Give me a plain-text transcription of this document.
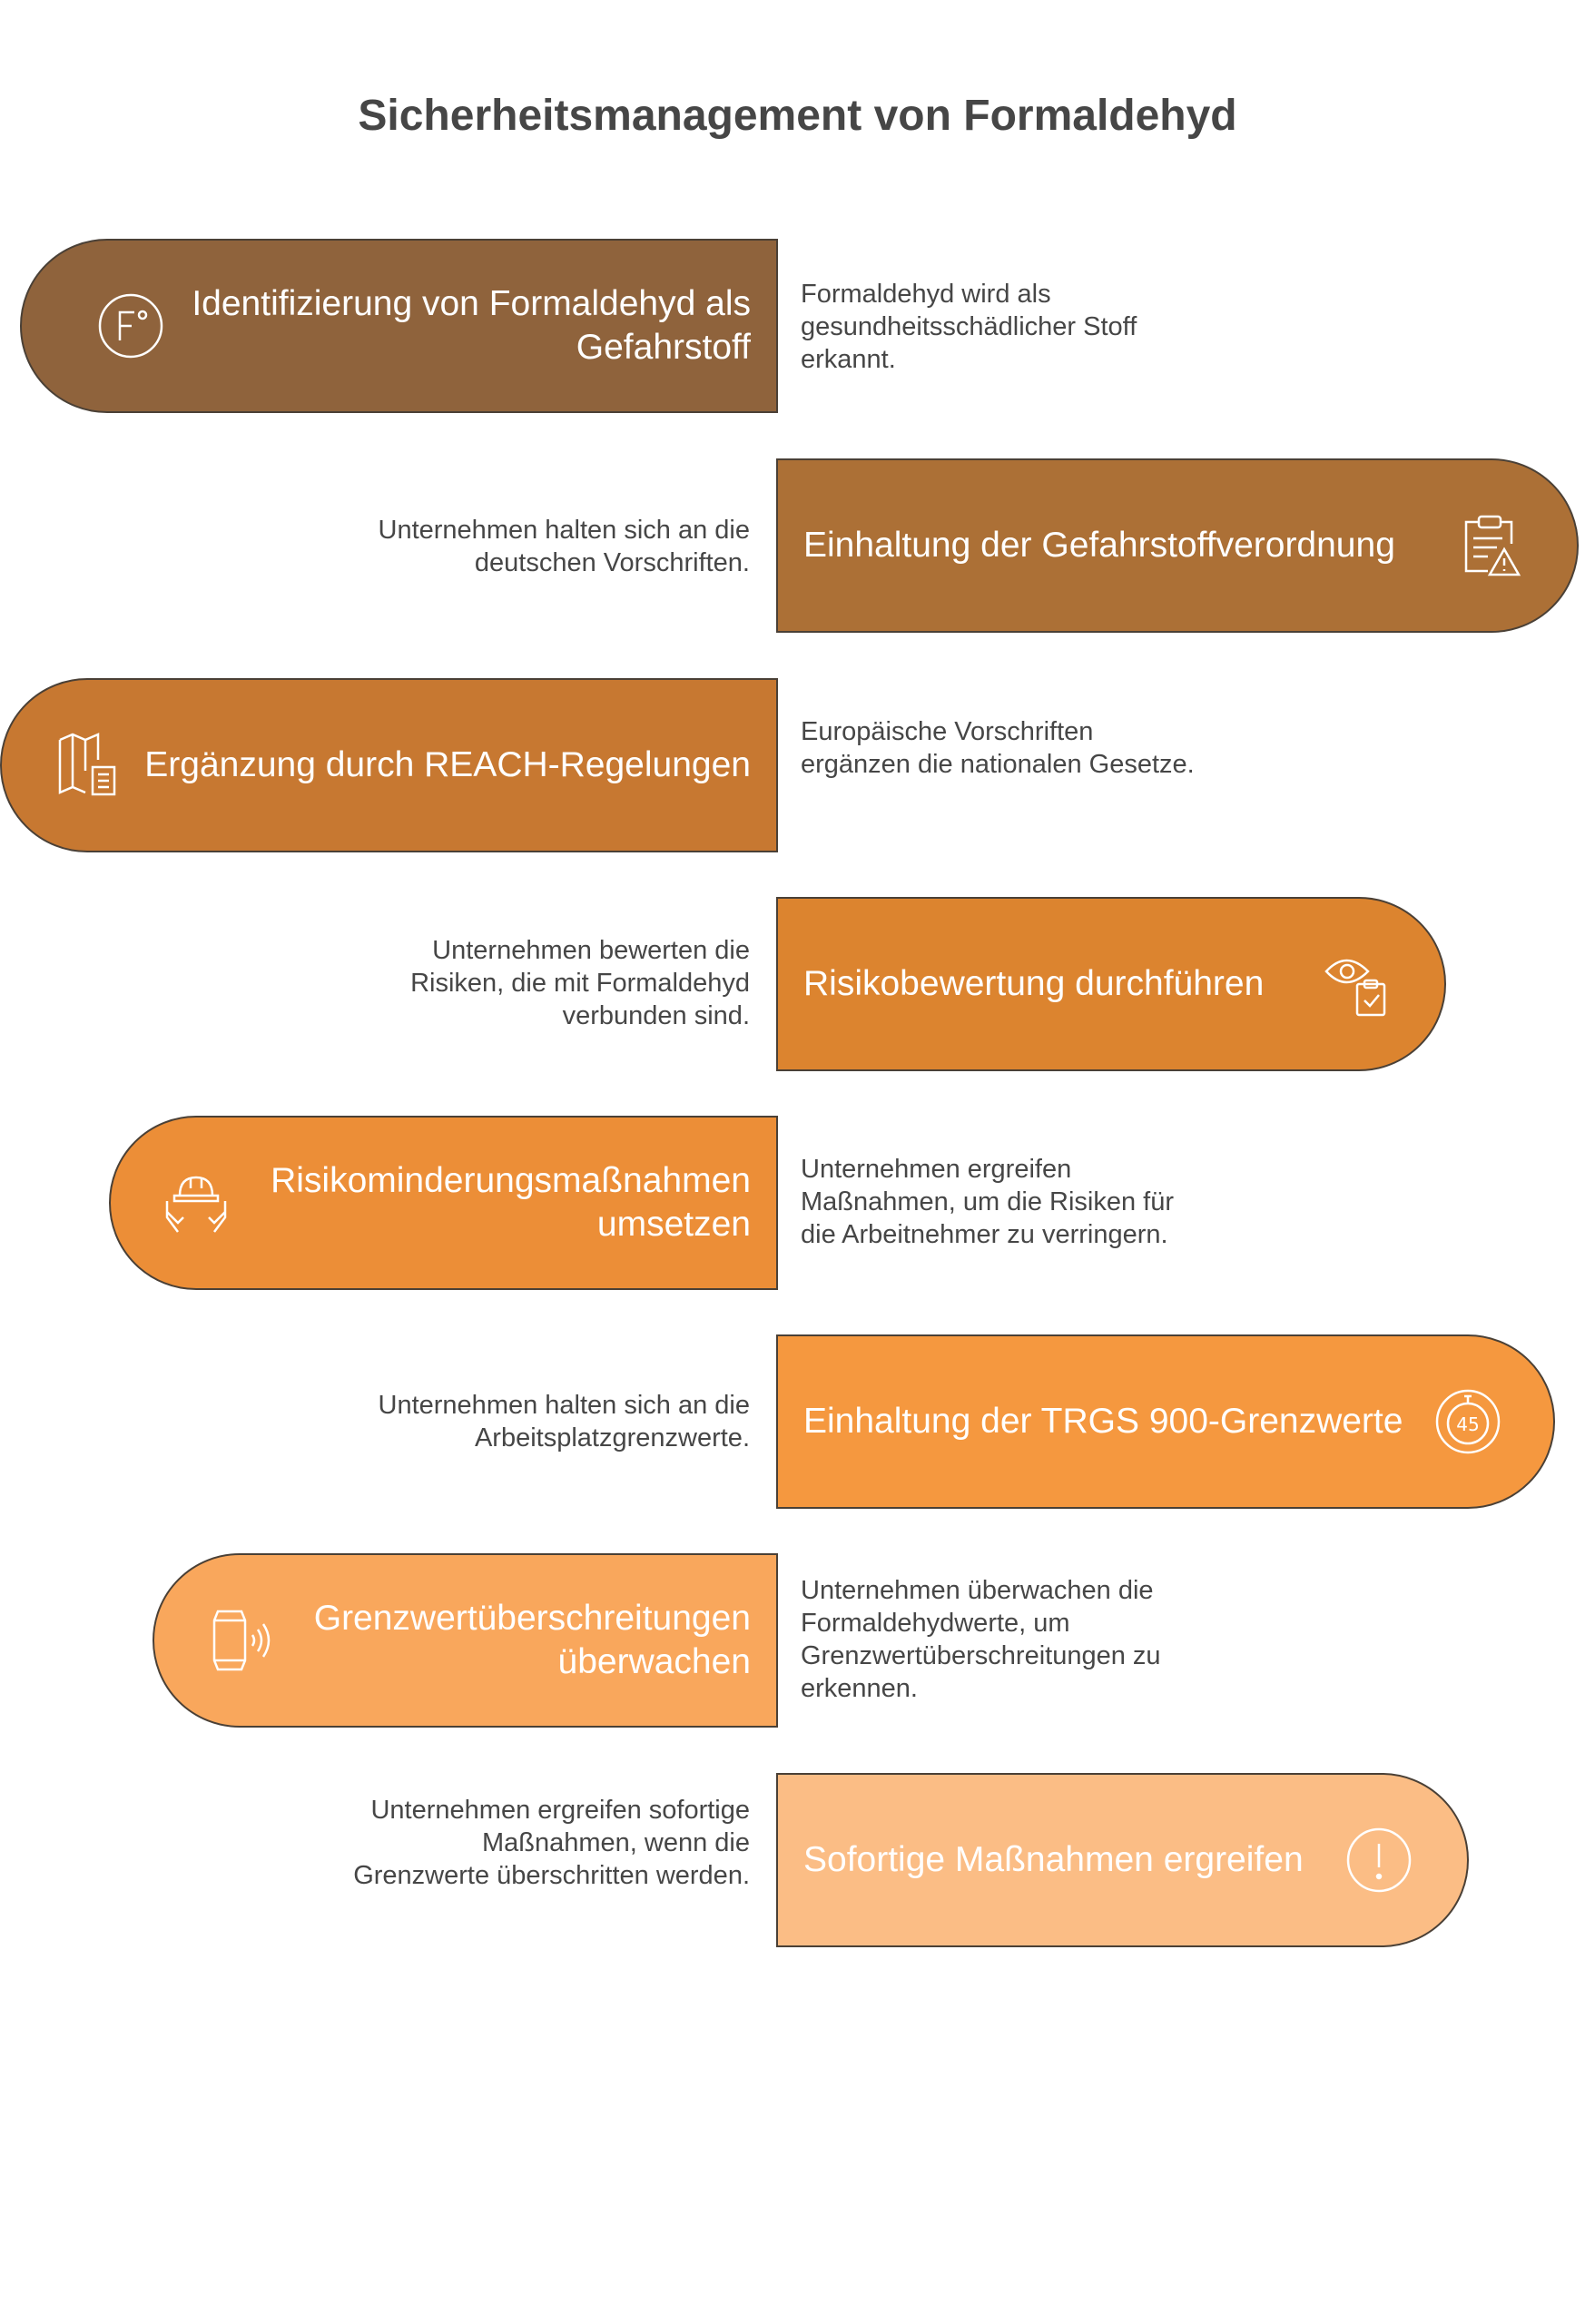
Sicherheitsmanagement von Formaldehyd
Identifizierung von Formaldehyd als Gefahrstoff
Formaldehyd wird als gesundheitsschädlicher Stoff erkannt.
Einhaltung der Gefahrstoffverordnung
Unternehmen halten sich an die deutschen Vorschriften.
Ergänzung durch REACH-Regelungen
Europäische Vorschriften ergänzen die nationalen Gesetze.
Risikobewertung durchführen
Unternehmen bewerten die Risiken, die mit Formaldehyd verbunden sind.
Risikominderungsmaßnahmen umsetzen
Unternehmen ergreifen Maßnahmen, um die Risiken für die Arbeitnehmer zu verringern.
Einhaltung der TRGS 900-Grenzwerte	45
Unternehmen halten sich an die Arbeitsplatzgrenzwerte.
Grenzwertüberschreitungen überwachen
Unternehmen überwachen die Formaldehydwerte, um Grenzwertüberschreitungen zu erkennen.
Sofortige Maßnahmen ergreifen
Unternehmen ergreifen sofortige Maßnahmen, wenn die Grenzwerte überschritten werden.
